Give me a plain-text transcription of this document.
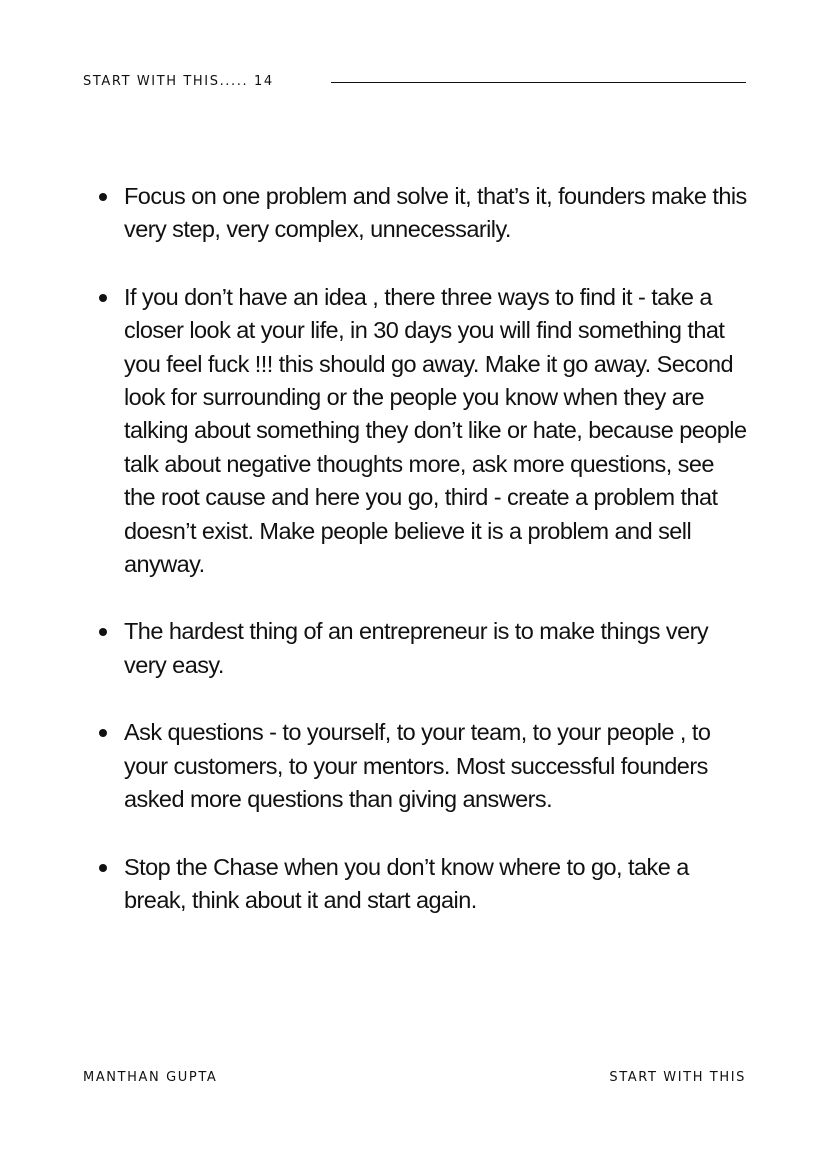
START WITH THIS..... 14
Focus on one problem and solve it, that’s it, founders make this very step, very complex, unnecessarily.
If you don’t have an idea , there three ways to find it - take a closer look at your life, in 30 days you will find something that you feel fuck !!! this should go away. Make it go away. Second look for surrounding or the people you know when they are talking about something they don’t like or hate, because people talk about negative thoughts more, ask more questions, see the root cause and here you go, third - create a problem that doesn’t exist. Make people believe it is a problem and sell anyway.
The hardest thing of an entrepreneur is to make things very very easy.
Ask questions - to yourself, to your team, to your people , to your customers, to your mentors. Most successful founders asked more questions than giving answers.
Stop the Chase when you don’t know where to go, take a break, think about it and start again.
MANTHAN GUPTA	START WITH THIS
